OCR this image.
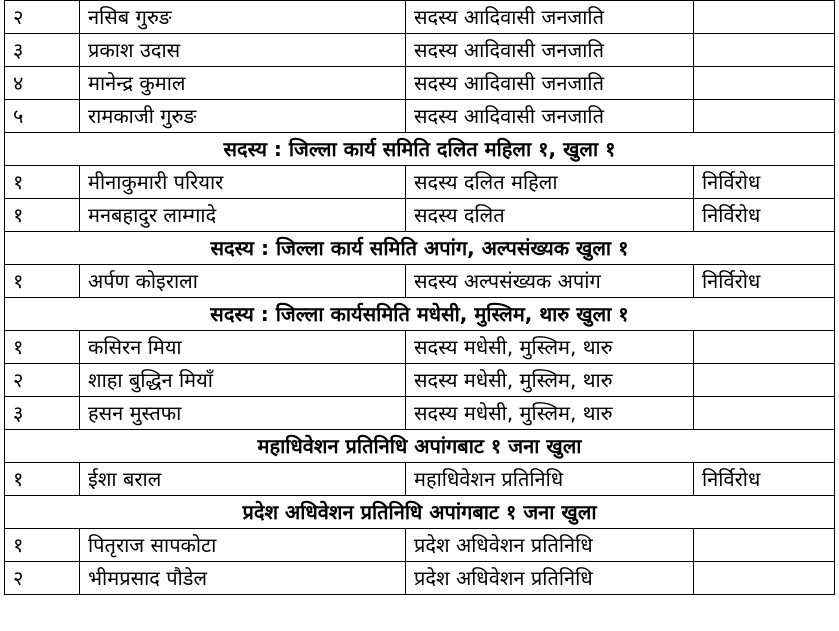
२	नसिब गुरुङ	सदस्य आदिवासी जनजाति	
३	प्रकाश उदास	सदस्य आदिवासी जनजाति	
४	मानेन्द्र कुमाल	सदस्य आदिवासी जनजाति	
५	रामकाजी गुरुङ	सदस्य आदिवासी जनजाति	
सदस्य : जिल्ला कार्य समिति दलित महिला १, खुला १			
१	मीनाकुमारी परियार	सदस्य दलित महिला	निर्विरोध
१	मनबहादुर लाम्गादे	सदस्य दलित	निर्विरोध
सदस्य : जिल्ला कार्य समिति अपांग, अल्पसंख्यक खुला १			
१	अर्पण कोइराला	सदस्य अल्पसंख्यक अपांग	निर्विरोध
सदस्य : जिल्ला कार्यसमिति मधेसी, मुस्लिम, थारु खुला १			
१	कसिरन मिया	सदस्य मधेसी, मुस्लिम, थारु	
२	शाहा बुद्धिन मियाँ	सदस्य मधेसी, मुस्लिम, थारु	
३	हसन मुस्तफा	सदस्य मधेसी, मुस्लिम, थारु	
महाधिवेशन प्रतिनिधि अपांगबाट १ जना खुला			
१	ईशा बराल	महाधिवेशन प्रतिनिधि	निर्विरोध
प्रदेश अधिवेशन प्रतिनिधि अपांगबाट १ जना खुला			
१	पितृराज सापकोटा	प्रदेश अधिवेशन प्रतिनिधि	
२	भीमप्रसाद पौडेल	प्रदेश अधिवेशन प्रतिनिधि	
